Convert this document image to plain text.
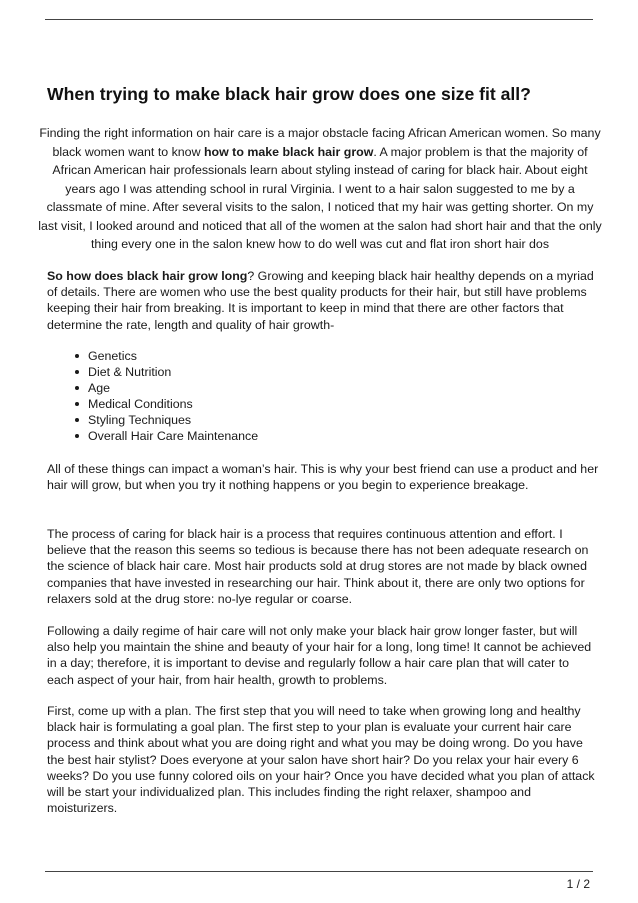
When trying to make black hair grow does one size fit all?

Finding the right information on hair care is a major obstacle facing African American women. So many black women want to know how to make black hair grow. A major problem is that the majority of African American hair professionals learn about styling instead of caring for black hair. About eight years ago I was attending school in rural Virginia. I went to a hair salon suggested to me by a classmate of mine. After several visits to the salon, I noticed that my hair was getting shorter. On my last visit, I looked around and noticed that all of the women at the salon had short hair and that the only thing every one in the salon knew how to do well was cut and flat iron short hair dos

So how does black hair grow long? Growing and keeping black hair healthy depends on a myriad of details. There are women who use the best quality products for their hair, but still have problems keeping their hair from breaking. It is important to keep in mind that there are other factors that determine the rate, length and quality of hair growth-

Genetics
Diet & Nutrition
Age
Medical Conditions
Styling Techniques
Overall Hair Care Maintenance

All of these things can impact a woman’s hair. This is why your best friend can use a product and her hair will grow, but when you try it nothing happens or you begin to experience breakage.

The process of caring for black hair is a process that requires continuous attention and effort. I believe that the reason this seems so tedious is because there has not been adequate research on the science of black hair care. Most hair products sold at drug stores are not made by black owned companies that have invested in researching our hair. Think about it, there are only two options for relaxers sold at the drug store: no-lye regular or coarse.

Following a daily regime of hair care will not only make your black hair grow longer faster, but will also help you maintain the shine and beauty of your hair for a long, long time! It cannot be achieved in a day; therefore, it is important to devise and regularly follow a hair care plan that will cater to each aspect of your hair, from hair health, growth to problems.

First, come up with a plan. The first step that you will need to take when growing long and healthy black hair is formulating a goal plan. The first step to your plan is evaluate your current hair care process and think about what you are doing right and what you may be doing wrong. Do you have the best hair stylist? Does everyone at your salon have short hair? Do you relax your hair every 6 weeks? Do you use funny colored oils on your hair? Once you have decided what you plan of attack will be start your individualized plan. This includes finding the right relaxer, shampoo and moisturizers.

1 / 2
